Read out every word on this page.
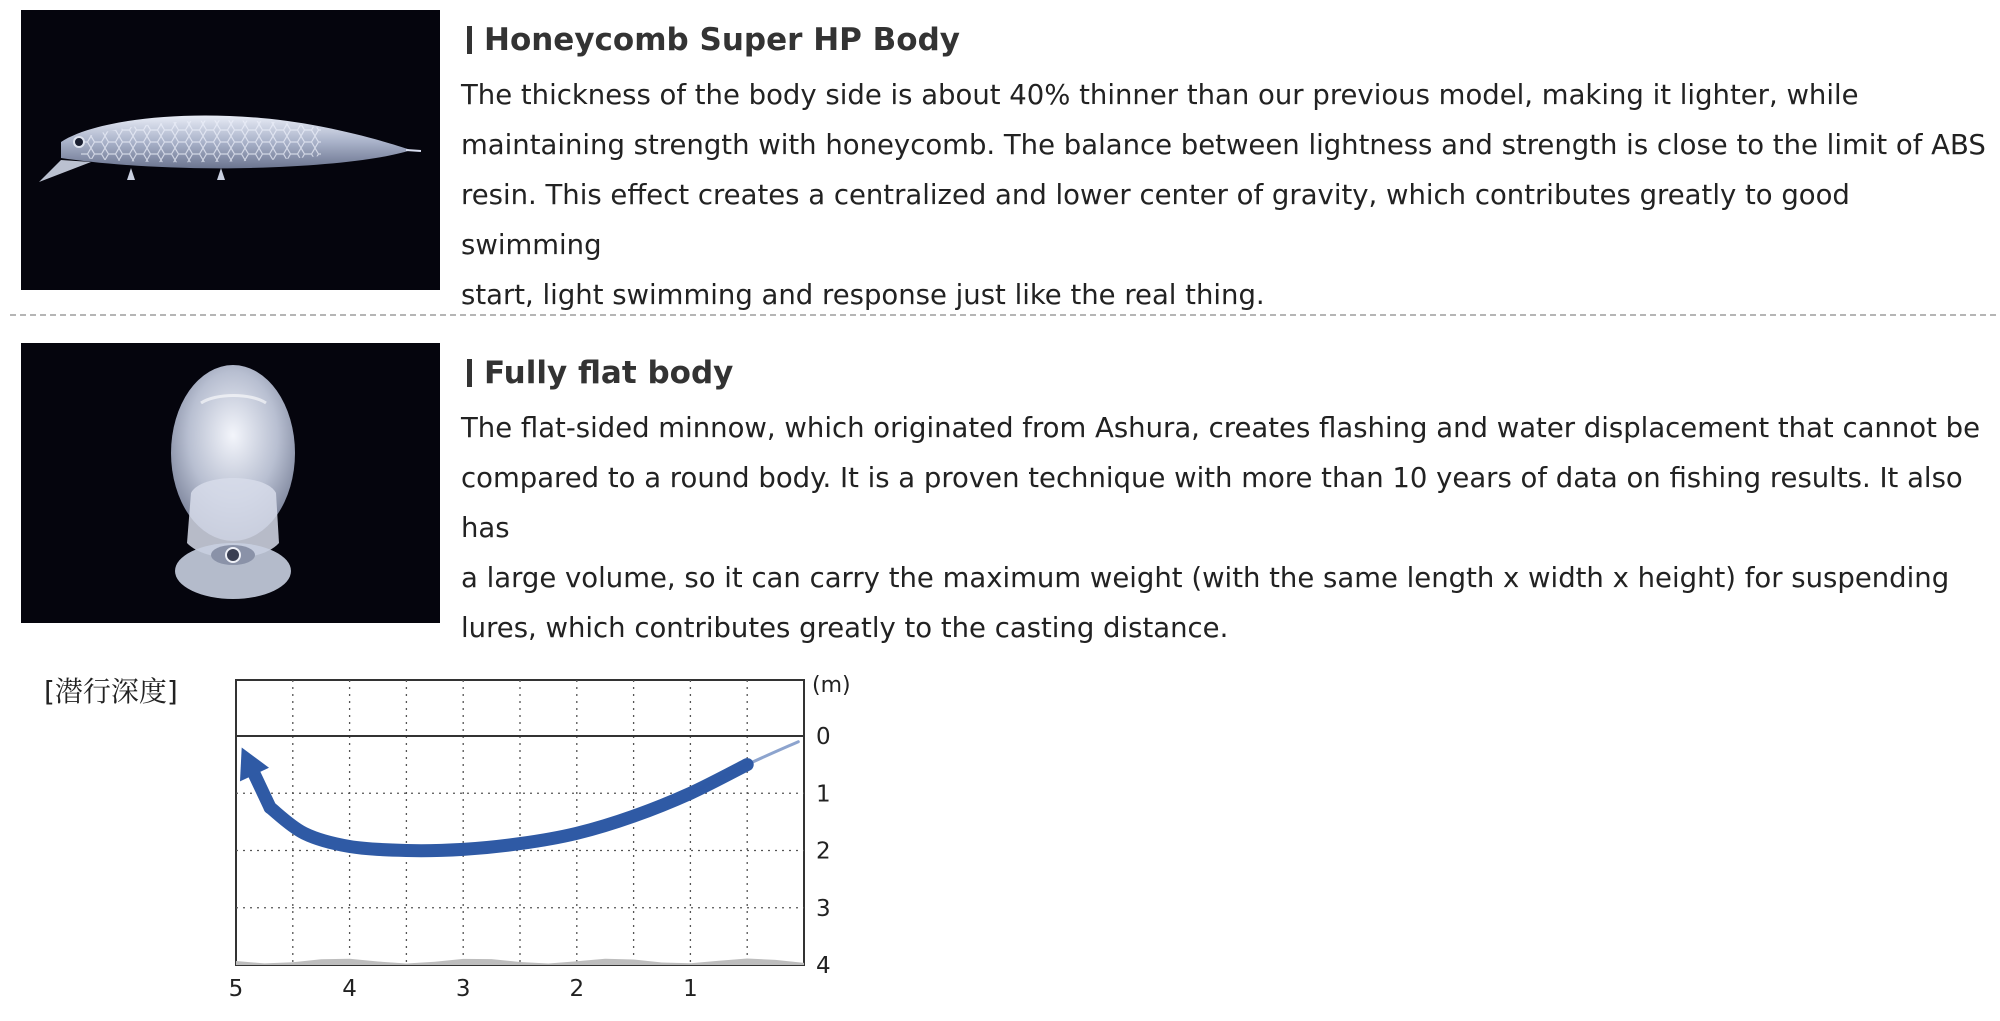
Honeycomb Super HP Body

The thickness of the body side is about 40% thinner than our previous model, making it lighter, while
maintaining strength with honeycomb. The balance between lightness and strength is close to the limit of ABS
resin. This effect creates a centralized and lower center of gravity, which contributes greatly to good swimming
start, light swimming and response just like the real thing.

Fully flat body

The flat-sided minnow, which originated from Ashura, creates flashing and water displacement that cannot be
compared to a round body. It is a proven technique with more than 10 years of data on fishing results. It also has
a large volume, so it can carry the maximum weight (with the same length x width x height) for suspending
lures, which contributes greatly to the casting distance.

5	4	3	2	1
0
1
2
3
4
[潜行深度]	(m)
